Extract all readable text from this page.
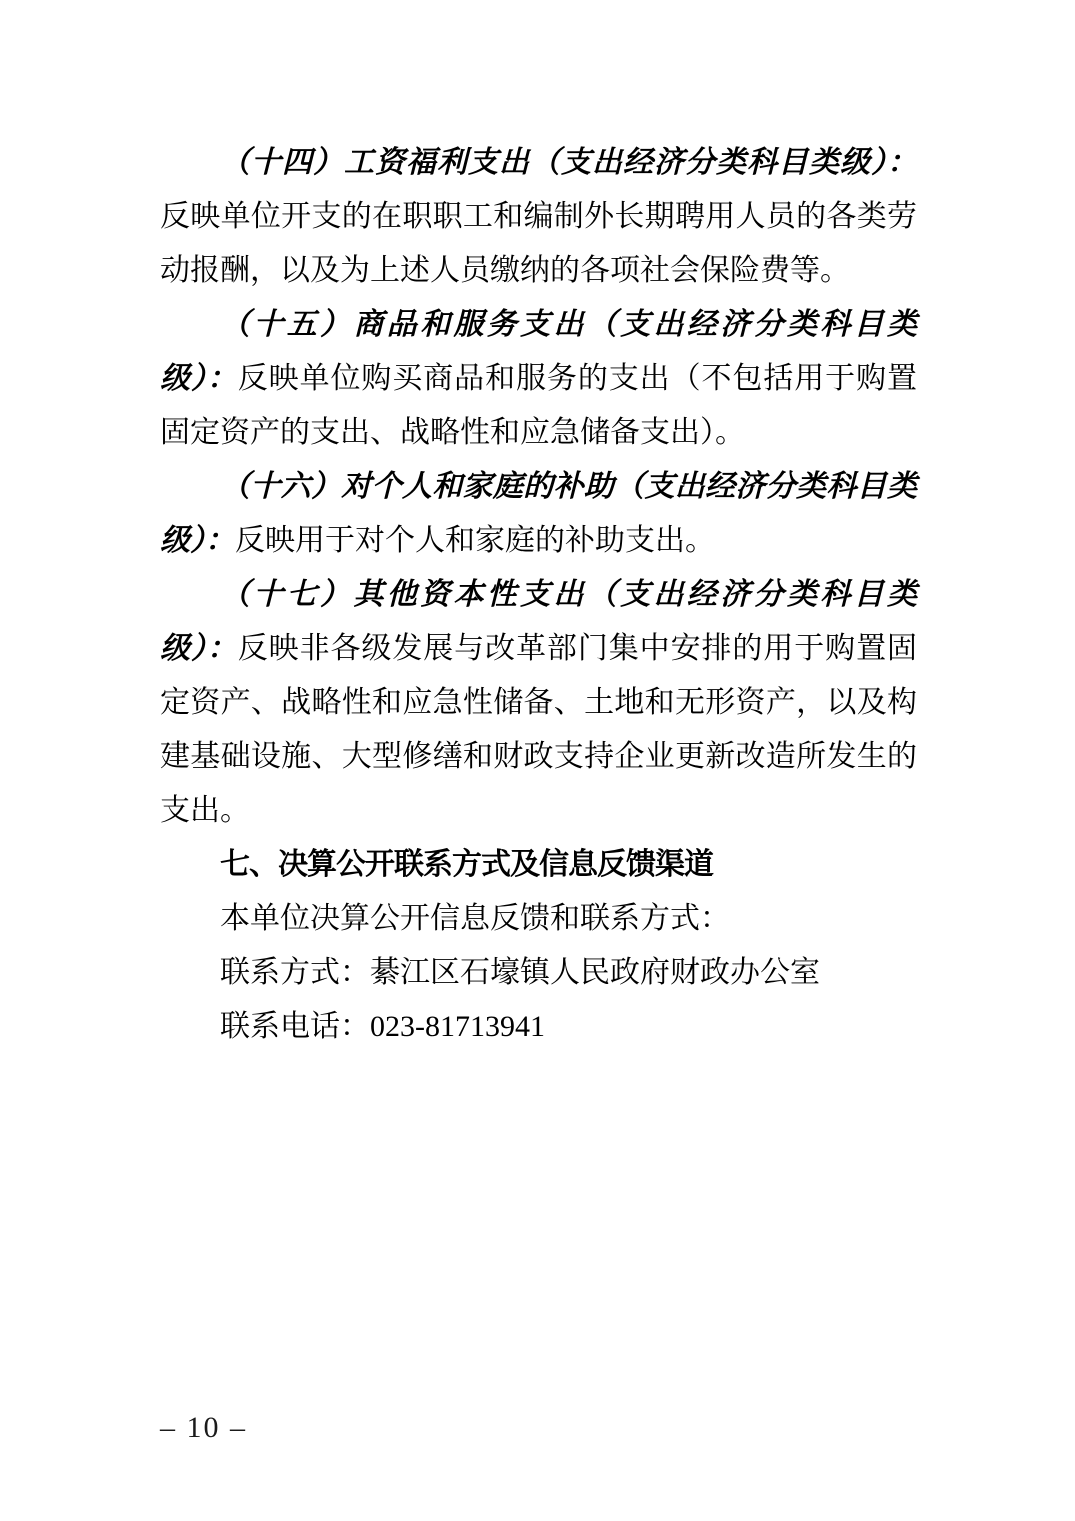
（十四）工资福利支出（支出经济分类科目类级）：反映单位开支的在职职工和编制外长期聘用人员的各类劳动报酬，以及为上述人员缴纳的各项社会保险费等。

（十五）商品和服务支出（支出经济分类科目类级）：反映单位购买商品和服务的支出（不包括用于购置固定资产的支出、战略性和应急储备支出）。

（十六）对个人和家庭的补助（支出经济分类科目类级）：反映用于对个人和家庭的补助支出。

（十七）其他资本性支出（支出经济分类科目类级）：反映非各级发展与改革部门集中安排的用于购置固定资产、战略性和应急性储备、土地和无形资产，以及构建基础设施、大型修缮和财政支持企业更新改造所发生的支出。

七、决算公开联系方式及信息反馈渠道

本单位决算公开信息反馈和联系方式：

联系方式：綦江区石壕镇人民政府财政办公室

联系电话：023-81713941

– 10 –
